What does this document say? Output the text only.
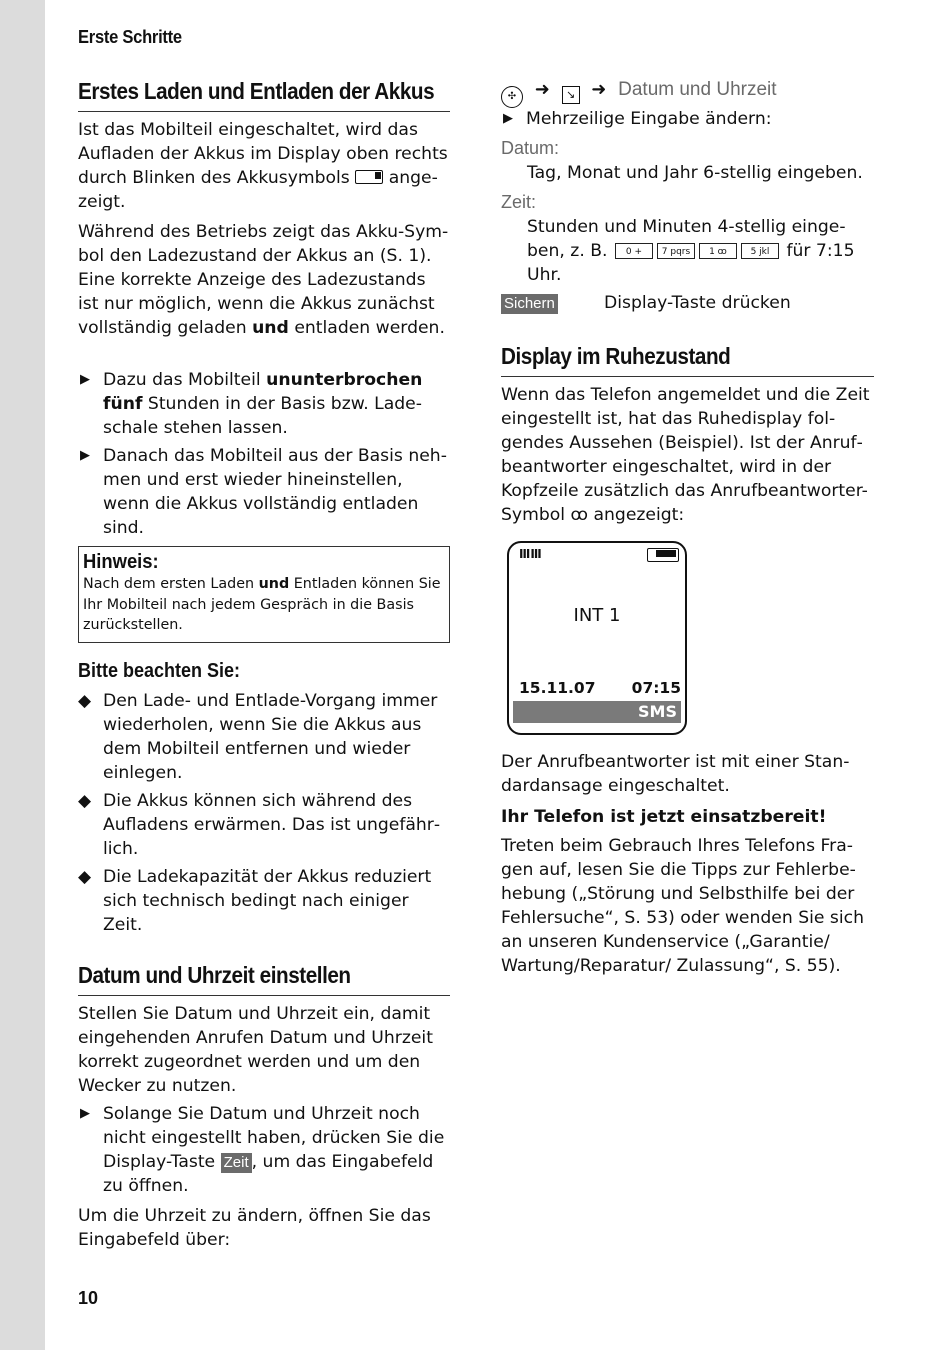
Erste Schritte
Erstes Laden und Entladen der Akkus
Ist das Mobilteil eingeschaltet, wird das Aufladen der Akkus im Display oben rechts durch Blinken des Akkusymbols angezeigt.
Während des Betriebs zeigt das Akku-Symbol den Ladezustand der Akkus an (S. 1). Eine korrekte Anzeige des Ladezustands ist nur möglich, wenn die Akkus zunächst vollständig geladen und entladen werden.
▶ Dazu das Mobilteil ununterbrochen fünf Stunden in der Basis bzw. Ladeschale stehen lassen.
▶ Danach das Mobilteil aus der Basis nehmen und erst wieder hineinstellen, wenn die Akkus vollständig entladen sind.
Hinweis:
Nach dem ersten Laden und Entladen können Sie Ihr Mobilteil nach jedem Gespräch in die Basis zurückstellen.
Bitte beachten Sie:
◆ Den Lade- und Entlade-Vorgang immer wiederholen, wenn Sie die Akkus aus dem Mobilteil entfernen und wieder einlegen.
◆ Die Akkus können sich während des Aufladens erwärmen. Das ist ungefährlich.
◆ Die Ladekapazität der Akkus reduziert sich technisch bedingt nach einiger Zeit.
Datum und Uhrzeit einstellen
Stellen Sie Datum und Uhrzeit ein, damit eingehenden Anrufen Datum und Uhrzeit korrekt zugeordnet werden und um den Wecker zu nutzen.
▶ Solange Sie Datum und Uhrzeit noch nicht eingestellt haben, drücken Sie die Display-Taste Zeit , um das Eingabefeld zu öffnen.
Um die Uhrzeit zu ändern, öffnen Sie das Eingabefeld über:
✣ ➜ ↘ ➜ Datum und Uhrzeit
▶ Mehrzeilige Eingabe ändern:
Datum:
Tag, Monat und Jahr 6-stellig eingeben.
Zeit:
Stunden und Minuten 4-stellig eingeben, z. B. 0 + 7 pqrs 1 ꝏ	5 jkl für 7:15 Uhr.
Sichern	Display-Taste drücken
Display im Ruhezustand
Wenn das Telefon angemeldet und die Zeit eingestellt ist, hat das Ruhedisplay folgendes Aussehen (Beispiel). Ist der Anrufbeantworter eingeschaltet, wird in der Kopfzeile zusätzlich das Anrufbeantworter-Symbol ꝏ angezeigt:
ⅢⅢ
INT 1
15.11.07 07:15
SMS
Der Anrufbeantworter ist mit einer Standardansage eingeschaltet.
Ihr Telefon ist jetzt einsatzbereit!
Treten beim Gebrauch Ihres Telefons Fragen auf, lesen Sie die Tipps zur Fehlerbehebung („Störung und Selbsthilfe bei der Fehlersuche“, S. 53) oder wenden Sie sich an unseren Kundenservice („Garantie/ Wartung/Reparatur/ Zulassung“, S. 55).
10
